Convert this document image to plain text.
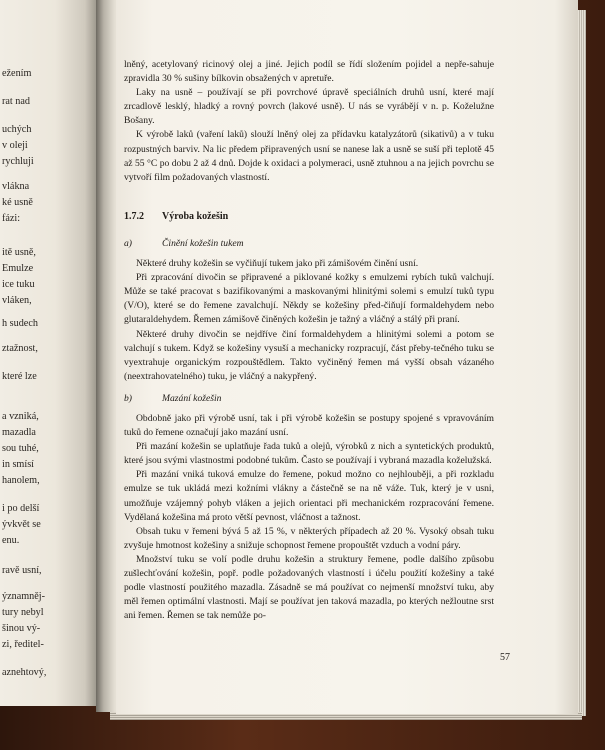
ežením
rat nad
uchých
v oleji
rychluji
vlákna
ké usně
fázi:
itě usně,
Emulze
ice tuku
vláken,
h sudech
ztažnost,
které lze
a vzniká,
mazadla
sou tuhé,
in smísí
hanolem,
i po delší
ývkvět se
enu.
ravě usní,
ýznamněj-
tury nebyl
šinou vý-
zi, ředitel-
aznehtový,

lněný, acetylovaný ricinový olej a jiné. Jejich podíl se řídí složením pojidel a nepře-sahuje zpravidla 30 % sušiny bílkovin obsažených v apretuře.

Laky na usně – používají se při povrchové úpravě speciálních druhů usní, které mají zrcadlově lesklý, hladký a rovný povrch (lakové usně). U nás se vyrábějí v n. p. Koželužne Bošany.

K výrobě laků (vaření laků) slouží lněný olej za přídavku katalyzátorů (sikativů) a v tuku rozpustných barviv. Na lic předem připravených usní se nanese lak a usně se suší při teplotě 45 až 55 °C po dobu 2 až 4 dnů. Dojde k oxidaci a polymeraci, usně ztuhnou a na jejich povrchu se vytvoří film požadovaných vlastností.

1.7.2 Výroba kožešin

a)	Činění kožešin tukem

Některé druhy kožešin se vyčiňují tukem jako při zámišovém činění usní.

Při zpracování divočin se připravené a piklované kožky s emulzemi rybích tuků valchují. Může se také pracovat s bazifikovanými a maskovanými hlinitými solemi s emulzí tuků typu (V/O), které se do řemene zavalchují. Někdy se kožešiny před-čiňují formaldehydem nebo glutaraldehydem. Řemen zámišově činěných kožešin je tažný a vláčný a stálý při praní.

Některé druhy divočin se nejdříve činí formaldehydem a hlinitými solemi a potom se valchují s tukem. Když se kožešiny vysuší a mechanicky rozpracují, část přeby-tečného tuku se vyextrahuje organickým rozpouštědlem. Takto vyčiněný řemen má vyšší obsah vázaného (neextrahovatelného) tuku, je vláčný a nakypřený.

b)	Mazání kožešin

Obdobně jako při výrobě usní, tak i při výrobě kožešin se postupy spojené s vpravováním tuků do řemene označují jako mazání usní.

Při mazání kožešin se uplatňuje řada tuků a olejů, výrobků z nich a syntetických produktů, které jsou svými vlastnostmi podobné tukům. Často se používají i vybraná mazadla koželužská.

Při mazání vniká tuková emulze do řemene, pokud možno co nejhlouběji, a při rozkladu emulze se tuk ukládá mezi kožními vlákny a částečně se na ně váže. Tuk, který je v usni, umožňuje vzájemný pohyb vláken a jejich orientaci při mechanickém rozpracování řemene. Vydělaná kožešina má proto větší pevnost, vláčnost a tažnost.

Obsah tuku v řemeni bývá 5 až 15 %, v některých případech až 20 %. Vysoký obsah tuku zvyšuje hmotnost kožešiny a snižuje schopnost řemene propouštět vzduch a vodní páry.

Množství tuku se volí podle druhu kožešin a struktury řemene, podle dalšího způsobu zušlechťování kožešin, popř. podle požadovaných vlastností i účelu použití kožešiny a také podle vlastností použitého mazadla. Zásadně se má používat co nejmenší množství tuku, aby měl řemen optimální vlastnosti. Mají se používat jen taková mazadla, po kterých nežloutne srst ani řemen. Řemen se tak nemůže po-

57
